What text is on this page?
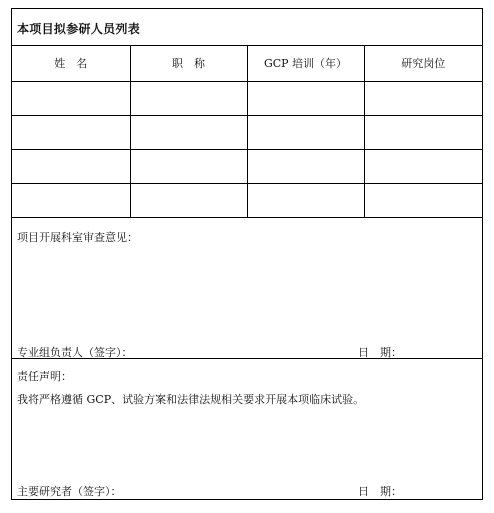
本项目拟参研人员列表
姓　名	职　称	GCP 培训（年）	研究岗位

项目开展科室审查意见：
专业组负责人（签字）：	日　期：
责任声明：
我将严格遵循 GCP、试验方案和法律法规相关要求开展本项临床试验。
主要研究者（签字）：	日　期：
